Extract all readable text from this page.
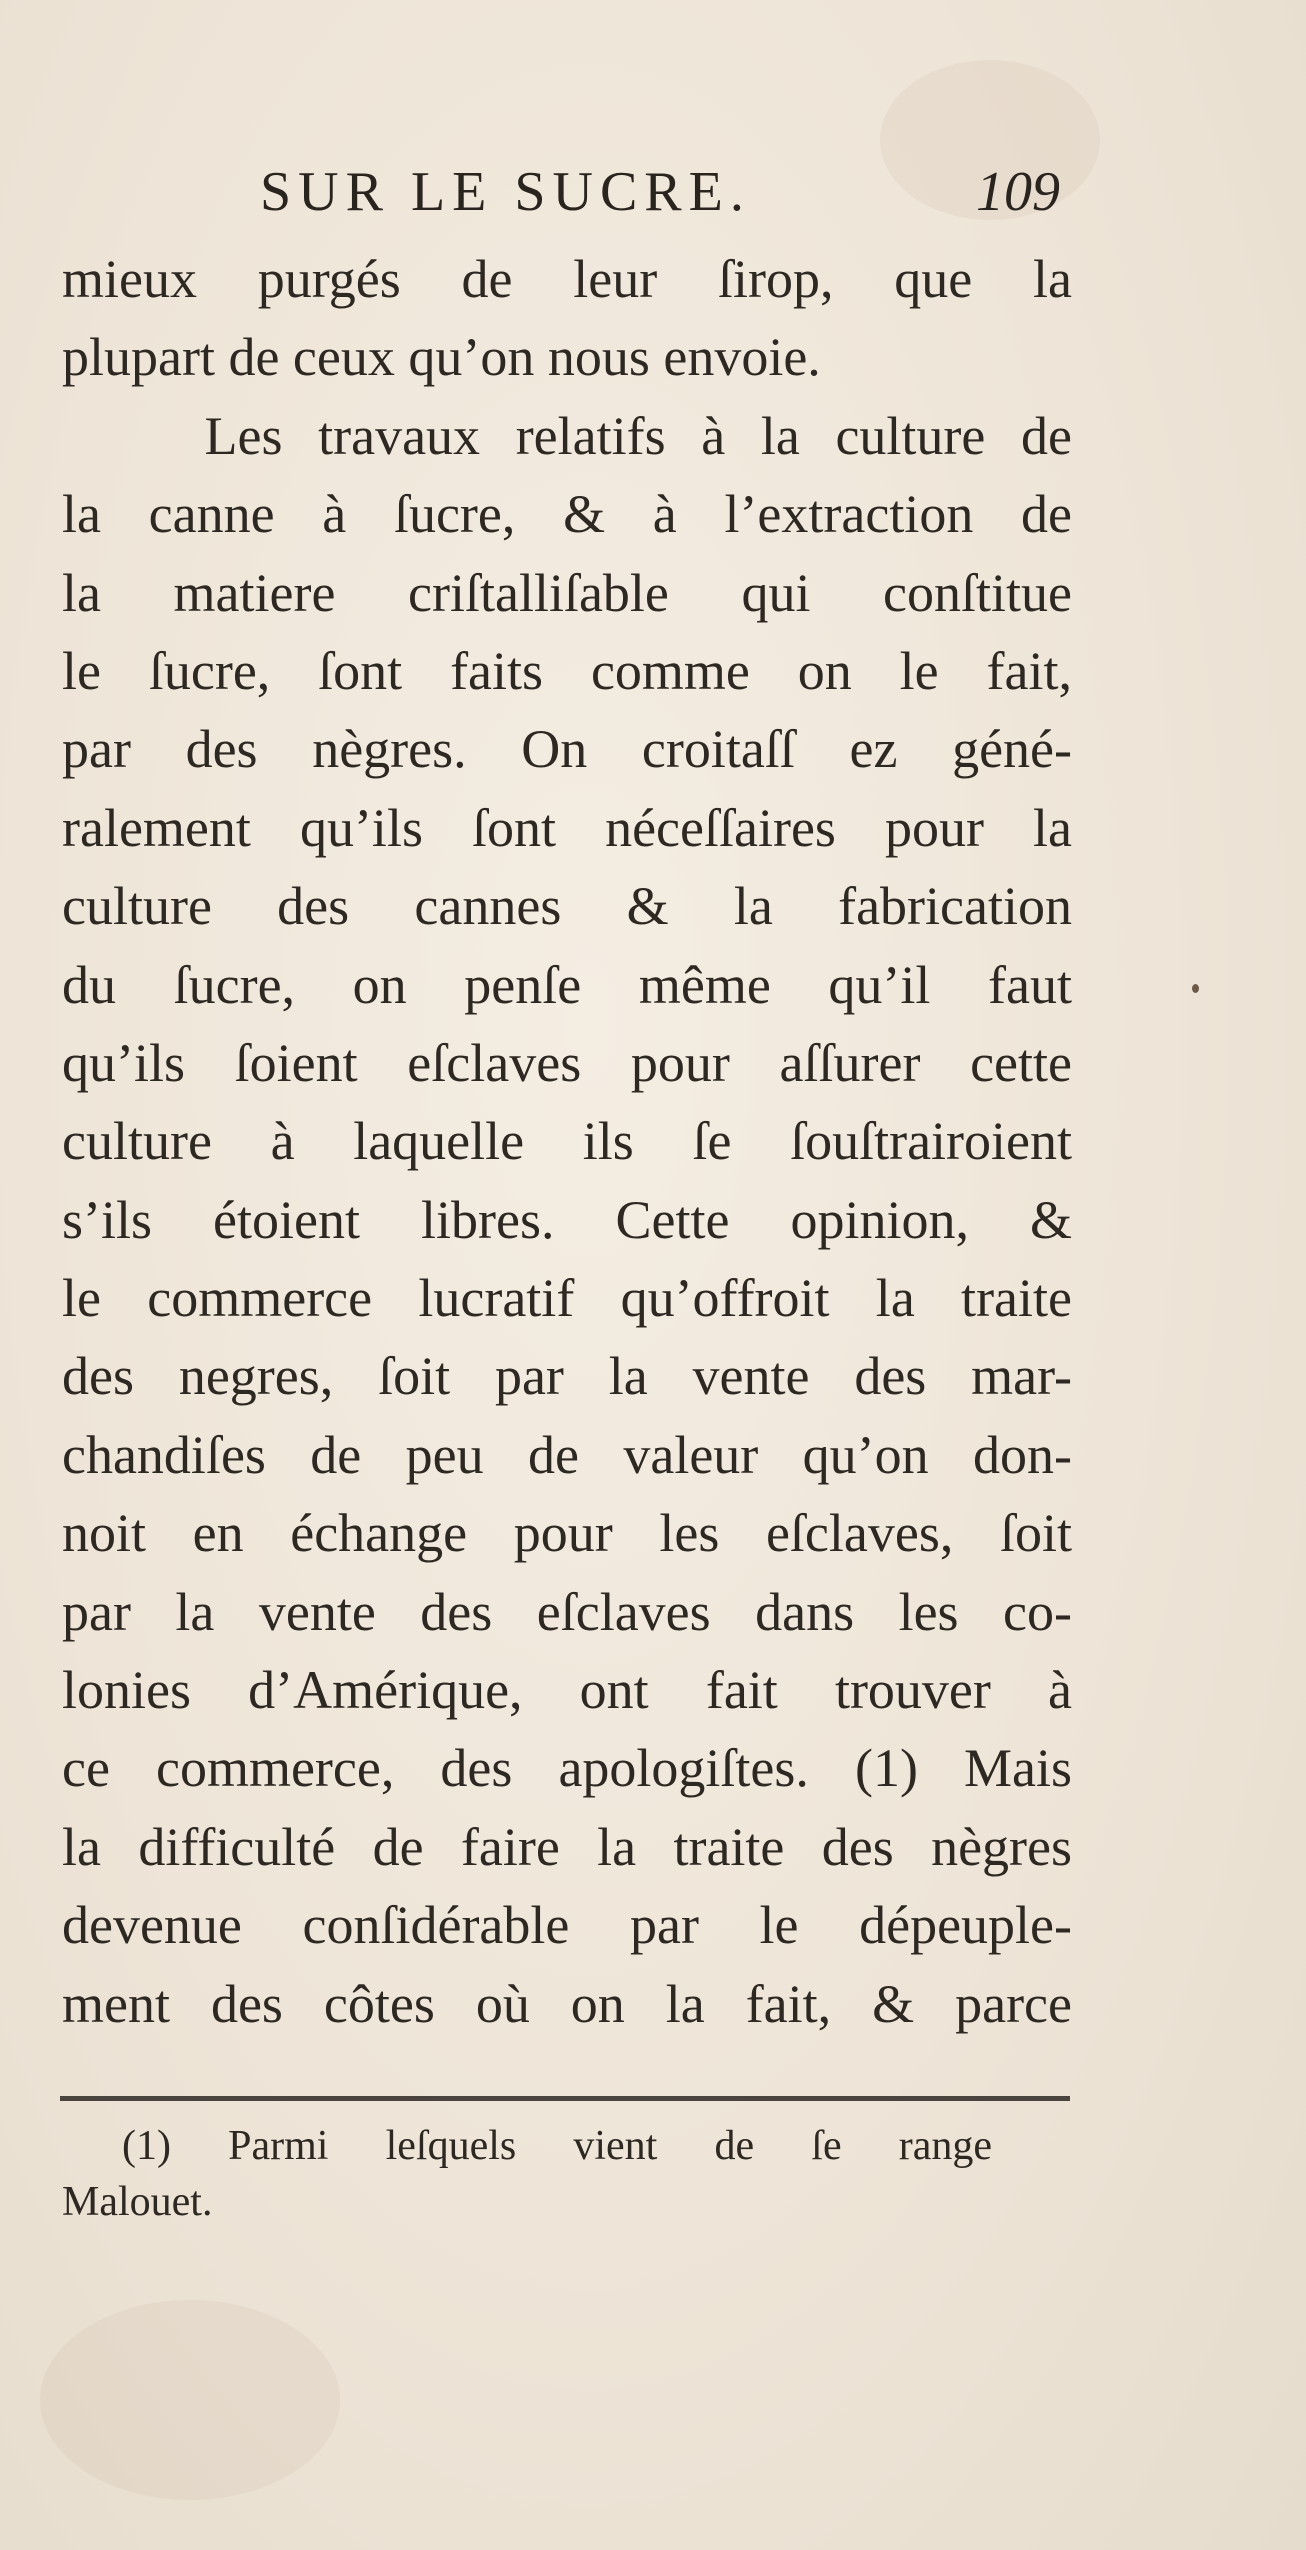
SUR LE SUCRE.	109
mieux purgés de leur ſirop, que la
plupart de ceux qu’on nous envoie.
Les travaux relatifs à la culture de
la canne à ſucre, & à l’extraction de
la matiere criſtalliſable qui conſtitue
le ſucre, ſont faits comme on le fait,
par des nègres. On croitaſſ ez géné-
ralement qu’ils ſont néceſſaires pour la
culture des cannes & la fabrication
du ſucre, on penſe même qu’il faut
qu’ils ſoient eſclaves pour aſſurer cette
culture à laquelle ils ſe ſouſtrairoient
s’ils étoient libres. Cette opinion, &
le commerce lucratif qu’offroit la traite
des negres, ſoit par la vente des mar-
chandiſes de peu de valeur qu’on don-
noit en échange pour les eſclaves, ſoit
par la vente des eſclaves dans les co-
lonies d’Amérique, ont fait trouver à
ce commerce, des apologiſtes. (1) Mais
la difficulté de faire la traite des nègres
devenue conſidérable par le dépeuple-
ment des côtes où on la fait, & parce
(1) Parmi leſquels vient de ſe range
Malouet.
